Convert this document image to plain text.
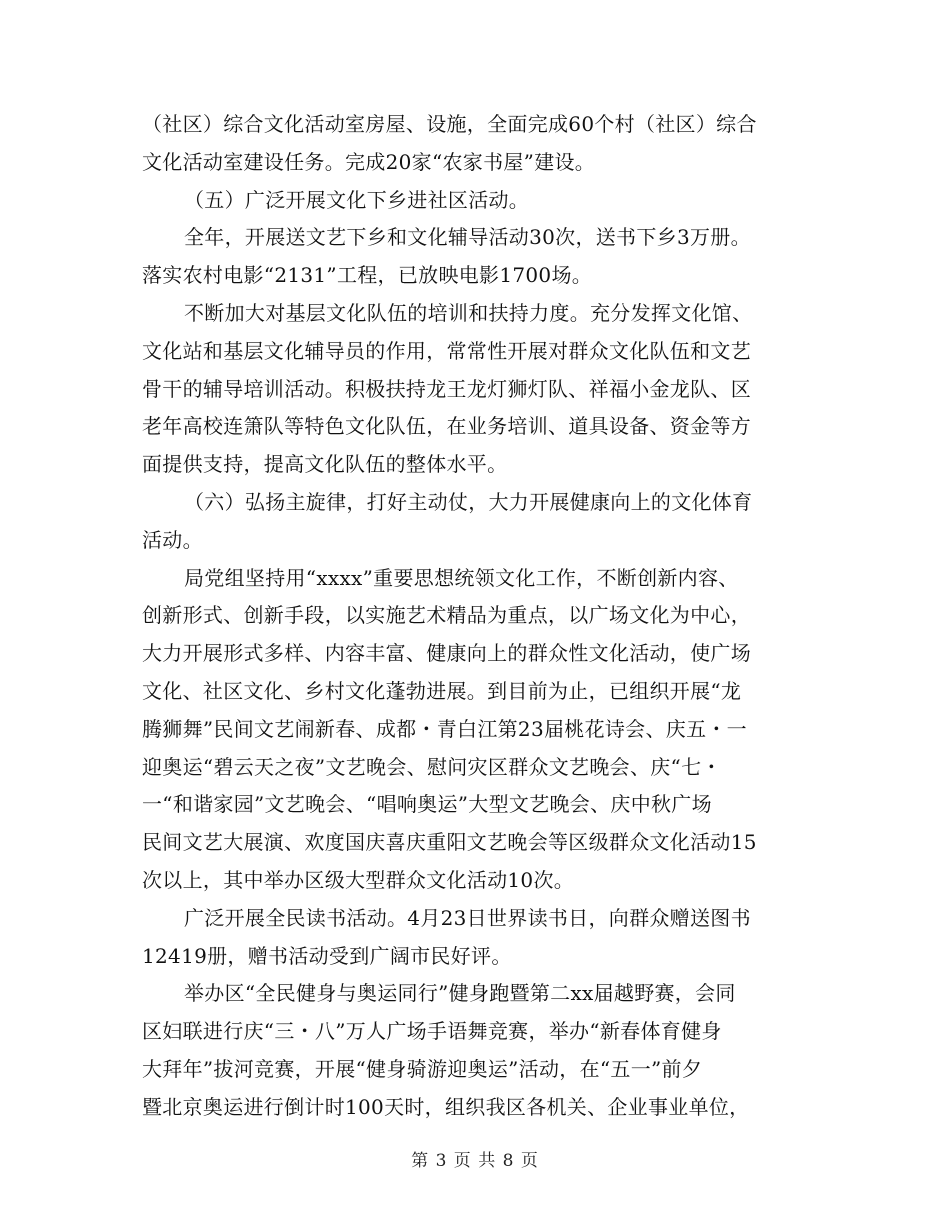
（社区）综合文化活动室房屋、设施，全面完成60个村（社区）综合
文化活动室建设任务。完成20家“农家书屋”建设。
（五）广泛开展文化下乡进社区活动。
全年，开展送文艺下乡和文化辅导活动30次，送书下乡3万册。
落实农村电影“2131”工程，已放映电影1700场。
不断加大对基层文化队伍的培训和扶持力度。充分发挥文化馆、
文化站和基层文化辅导员的作用，常常性开展对群众文化队伍和文艺
骨干的辅导培训活动。积极扶持龙王龙灯狮灯队、祥福小金龙队、区
老年高校连箫队等特色文化队伍，在业务培训、道具设备、资金等方
面提供支持，提高文化队伍的整体水平。
（六）弘扬主旋律，打好主动仗，大力开展健康向上的文化体育
活动。
局党组坚持用“xxxx”重要思想统领文化工作，不断创新内容、
创新形式、创新手段，以实施艺术精品为重点，以广场文化为中心，
大力开展形式多样、内容丰富、健康向上的群众性文化活动，使广场
文化、社区文化、乡村文化蓬勃进展。到目前为止，已组织开展“龙
腾狮舞”民间文艺闹新春、成都・青白江第23届桃花诗会、庆五・一
迎奥运“碧云天之夜”文艺晚会、慰问灾区群众文艺晚会、庆“七・
一“和谐家园”文艺晚会、“唱响奥运”大型文艺晚会、庆中秋广场
民间文艺大展演、欢度国庆喜庆重阳文艺晚会等区级群众文化活动15
次以上，其中举办区级大型群众文化活动10次。
广泛开展全民读书活动。4月23日世界读书日，向群众赠送图书
12419册，赠书活动受到广阔市民好评。
举办区“全民健身与奥运同行”健身跑暨第二xx届越野赛，会同
区妇联进行庆“三・八”万人广场手语舞竞赛，举办“新春体育健身
大拜年”拔河竞赛，开展“健身骑游迎奥运”活动，在“五一”前夕
暨北京奥运进行倒计时100天时，组织我区各机关、企业事业单位，
第 3 页 共 8 页
